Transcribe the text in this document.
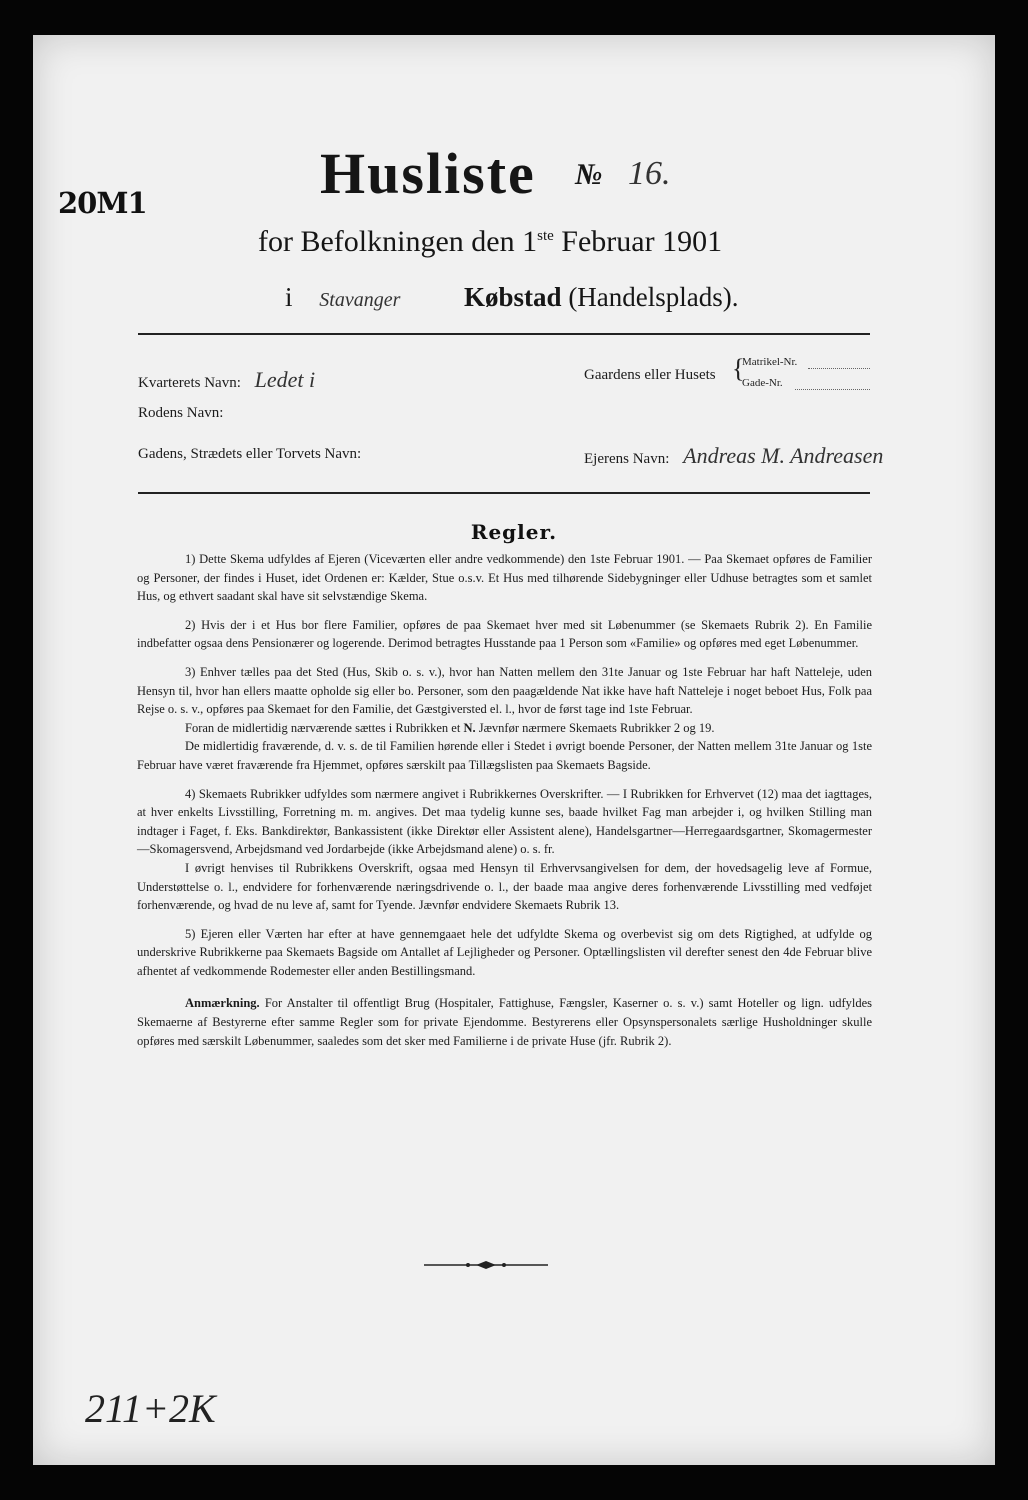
20M1	Husliste № 16.
for Befolkningen den 1ste Februar 1901
i Stavanger Købstad (Handelsplads).
Kvarterets Navn: Ledet i	Gaardens eller Husets {
Matrikel-Nr.
Gade-Nr.
Rodens Navn:
Gadens, Strædets eller Torvets Navn:	Ejerens Navn: Andreas M. Andreasen
Regler.

1) Dette Skema udfyldes af Ejeren (Viceværten eller andre vedkommende) den 1ste Februar 1901. — Paa Skemaet opføres de Familier og Personer, der findes i Huset, idet Ordenen er: Kælder, Stue o.s.v. Et Hus med tilhørende Sidebygninger eller Udhuse betragtes som et samlet Hus, og ethvert saadant skal have sit selvstændige Skema.

2) Hvis der i et Hus bor flere Familier, opføres de paa Skemaet hver med sit Løbenummer (se Skemaets Rubrik 2). En Familie indbefatter ogsaa dens Pensionærer og logerende. Derimod betragtes Husstande paa 1 Person som «Familie» og opføres med eget Løbenummer.

3) Enhver tælles paa det Sted (Hus, Skib o. s. v.), hvor han Natten mellem den 31te Januar og 1ste Februar har haft Natteleje, uden Hensyn til, hvor han ellers maatte opholde sig eller bo. Personer, som den paagældende Nat ikke have haft Natteleje i noget beboet Hus, Folk paa Rejse o. s. v., opføres paa Skemaet for den Familie, det Gæstgiversted el. l., hvor de først tage ind 1ste Februar.

Foran de midlertidig nærværende sættes i Rubrikken et N. Jævnfør nærmere Skemaets Rubrikker 2 og 19.

De midlertidig fraværende, d. v. s. de til Familien hørende eller i Stedet i øvrigt boende Personer, der Natten mellem 31te Januar og 1ste Februar have været fraværende fra Hjemmet, opføres særskilt paa Tillægslisten paa Skemaets Bagside.

4) Skemaets Rubrikker udfyldes som nærmere angivet i Rubrikkernes Overskrifter. — I Rubrikken for Erhvervet (12) maa det iagttages, at hver enkelts Livsstilling, Forretning m. m. angives. Det maa tydelig kunne ses, baade hvilket Fag man arbejder i, og hvilken Stilling man indtager i Faget, f. Eks. Bankdirektør, Bankassistent (ikke Direktør eller Assistent alene), Handelsgartner—Herregaardsgartner, Skomagermester—Skomagersvend, Arbejdsmand ved Jordarbejde (ikke Arbejdsmand alene) o. s. fr.

I øvrigt henvises til Rubrikkens Overskrift, ogsaa med Hensyn til Erhvervsangivelsen for dem, der hovedsagelig leve af Formue, Understøttelse o. l., endvidere for forhenværende næringsdrivende o. l., der baade maa angive deres forhenværende Livsstilling med vedføjet forhenværende, og hvad de nu leve af, samt for Tyende. Jævnfør endvidere Skemaets Rubrik 13.

5) Ejeren eller Værten har efter at have gennemgaaet hele det udfyldte Skema og overbevist sig om dets Rigtighed, at udfylde og underskrive Rubrikkerne paa Skemaets Bagside om Antallet af Lejligheder og Personer. Optællingslisten vil derefter senest den 4de Februar blive afhentet af vedkommende Rodemester eller anden Bestillingsmand.

Anmærkning. For Anstalter til offentligt Brug (Hospitaler, Fattighuse, Fængsler, Kaserner o. s. v.) samt Hoteller og lign. udfyldes Skemaerne af Bestyrerne efter samme Regler som for private Ejendomme. Bestyrerens eller Opsynspersonalets særlige Husholdninger skulle opføres med særskilt Løbenummer, saaledes som det sker med Familierne i de private Huse (jfr. Rubrik 2).

211+2K
